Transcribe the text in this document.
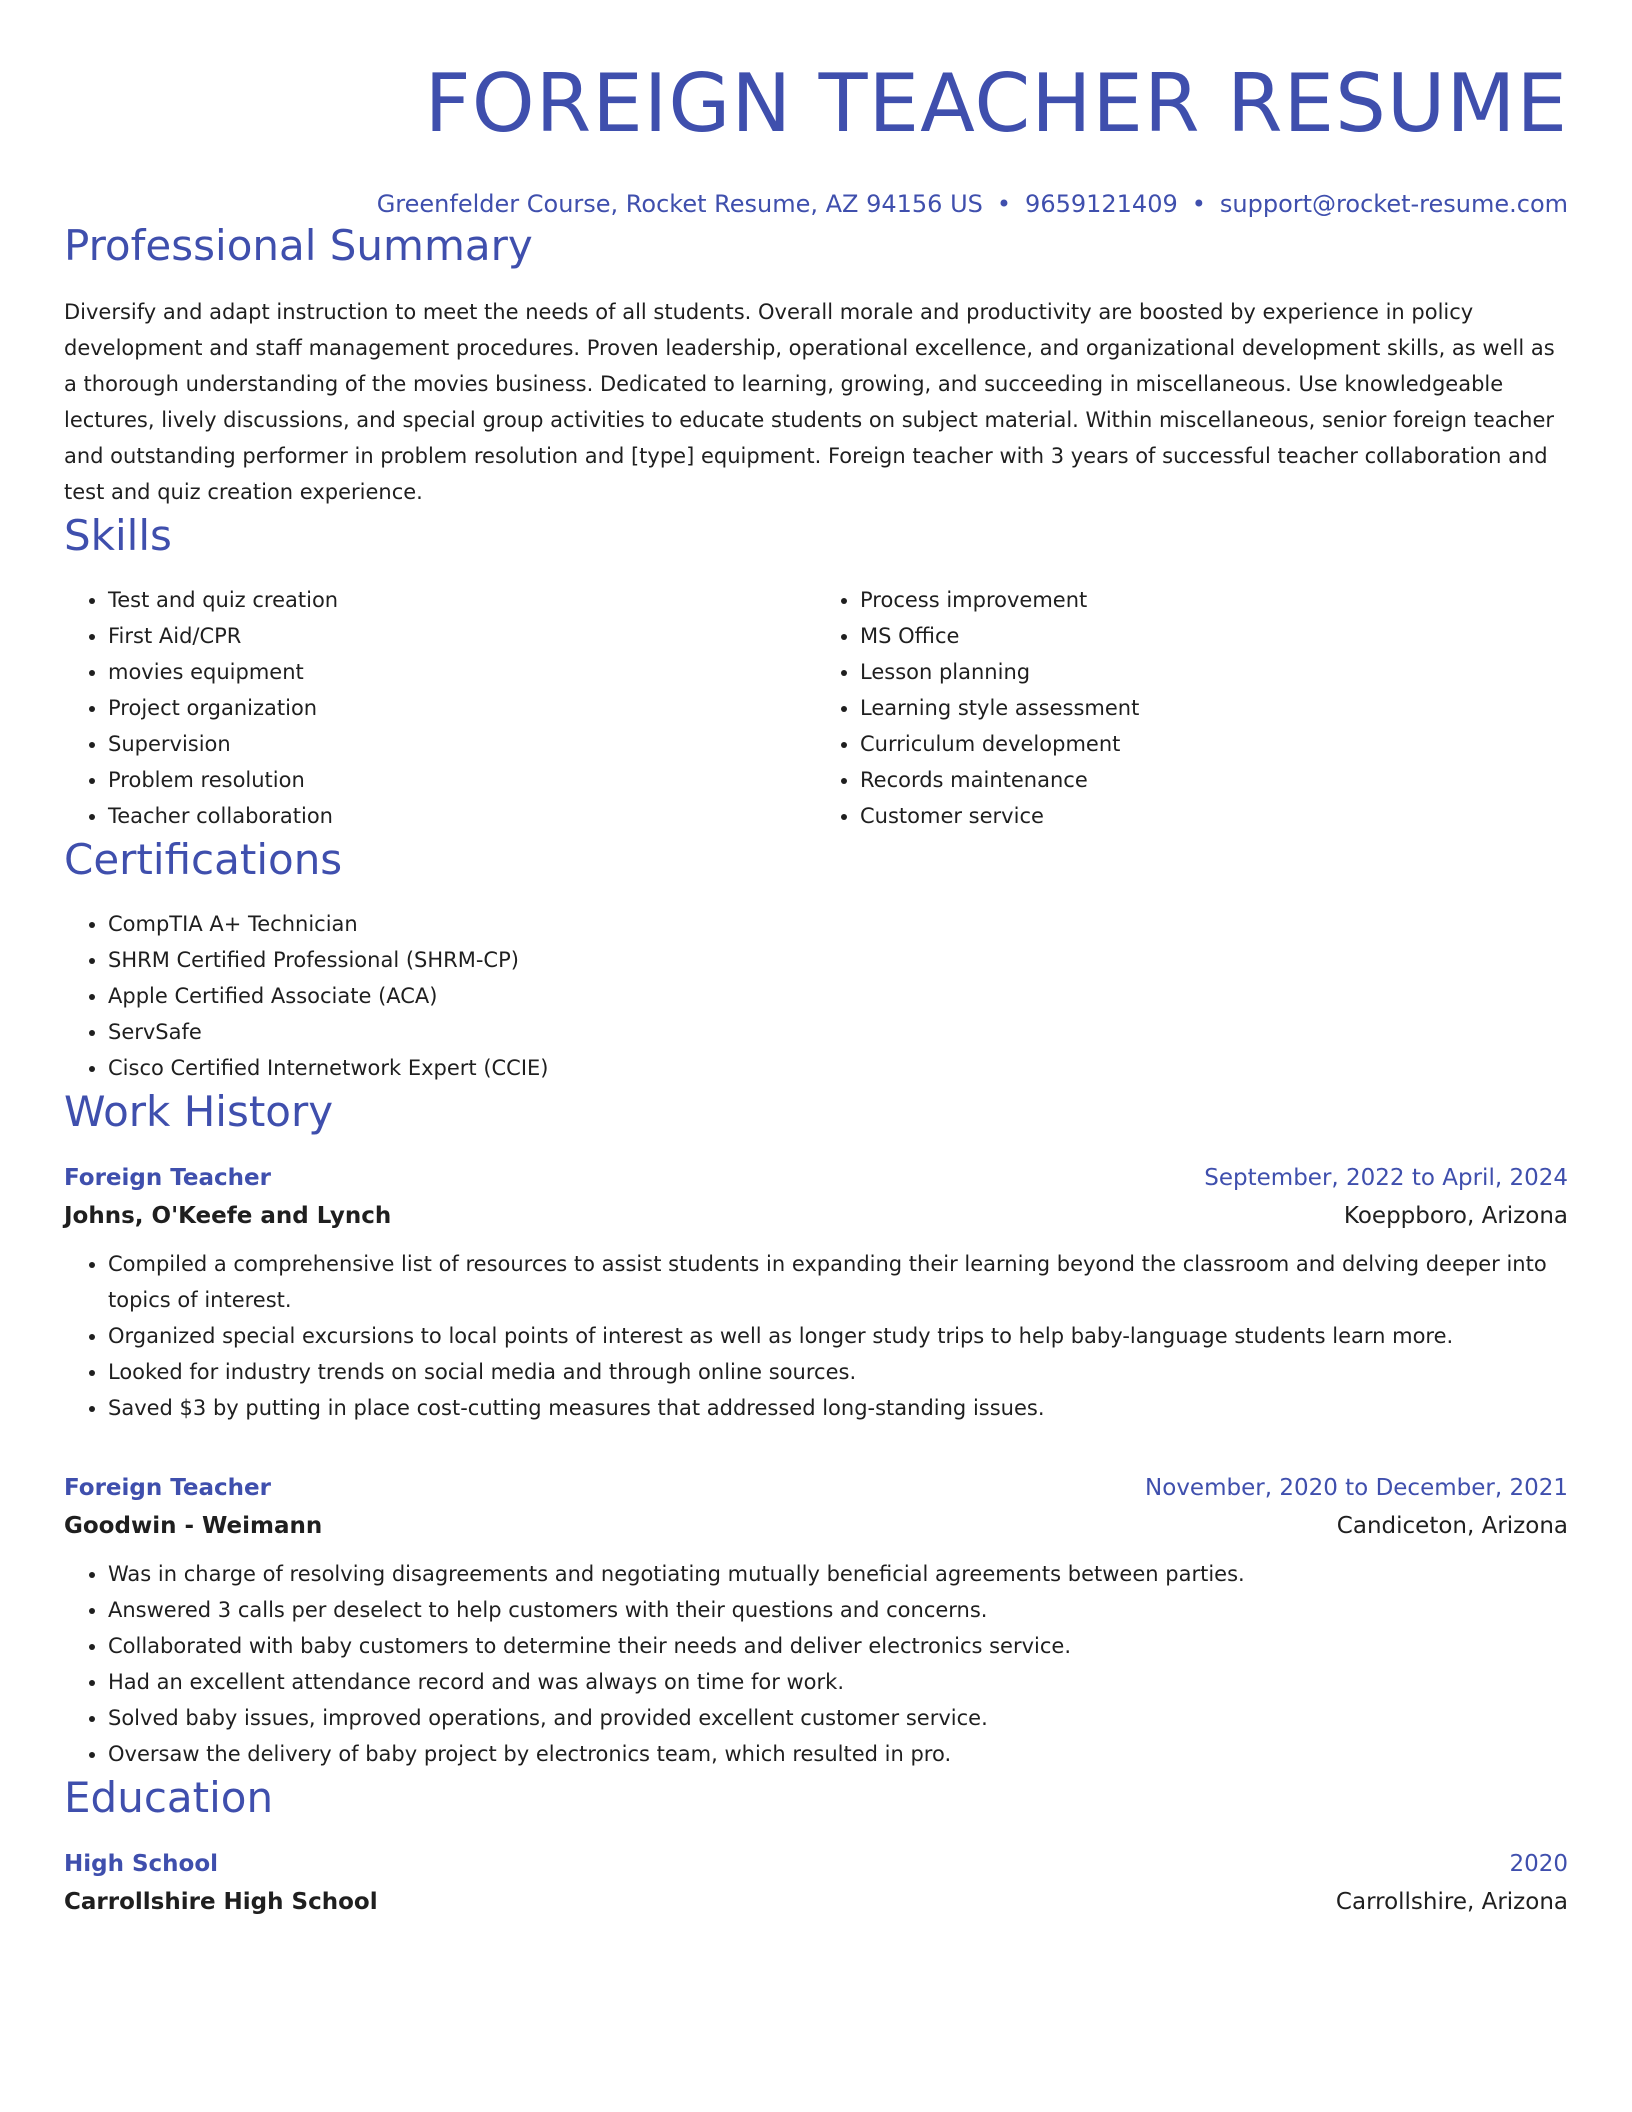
FOREIGN TEACHER RESUME
Greenfelder Course, Rocket Resume, AZ 94156 US • 9659121409 • support@rocket-resume.com
Professional Summary

Diversify and adapt instruction to meet the needs of all students. Overall morale and productivity are boosted by experience in policy development and staff management procedures. Proven leadership, operational excellence, and organizational development skills, as well as a thorough understanding of the movies business. Dedicated to learning, growing, and succeeding in miscellaneous. Use knowledgeable lectures, lively discussions, and special group activities to educate students on subject material. Within miscellaneous, senior foreign teacher and outstanding performer in problem resolution and [type] equipment. Foreign teacher with 3 years of successful teacher collaboration and test and quiz creation experience.

Skills
• Test and quiz creation
• First Aid/CPR
• movies equipment
• Project organization
• Supervision
• Problem resolution
• Teacher collaboration
• Process improvement
• MS Office
• Lesson planning
• Learning style assessment
• Curriculum development
• Records maintenance
• Customer service
Certifications
• CompTIA A+ Technician
• SHRM Certified Professional (SHRM-CP)
• Apple Certified Associate (ACA)
• ServSafe
• Cisco Certified Internetwork Expert (CCIE)
Work History
Foreign Teacher	September, 2022 to April, 2024
Johns, O'Keefe and Lynch	Koeppboro, Arizona
• Compiled a comprehensive list of resources to assist students in expanding their learning beyond the classroom and delving deeper into topics of interest.
• Organized special excursions to local points of interest as well as longer study trips to help baby-language students learn more.
• Looked for industry trends on social media and through online sources.
• Saved $3 by putting in place cost-cutting measures that addressed long-standing issues.
Foreign Teacher	November, 2020 to December, 2021
Goodwin - Weimann	Candiceton, Arizona
• Was in charge of resolving disagreements and negotiating mutually beneficial agreements between parties.
• Answered 3 calls per deselect to help customers with their questions and concerns.
• Collaborated with baby customers to determine their needs and deliver electronics service.
• Had an excellent attendance record and was always on time for work.
• Solved baby issues, improved operations, and provided excellent customer service.
• Oversaw the delivery of baby project by electronics team, which resulted in pro.
Education
High School	2020
Carrollshire High School	Carrollshire, Arizona
